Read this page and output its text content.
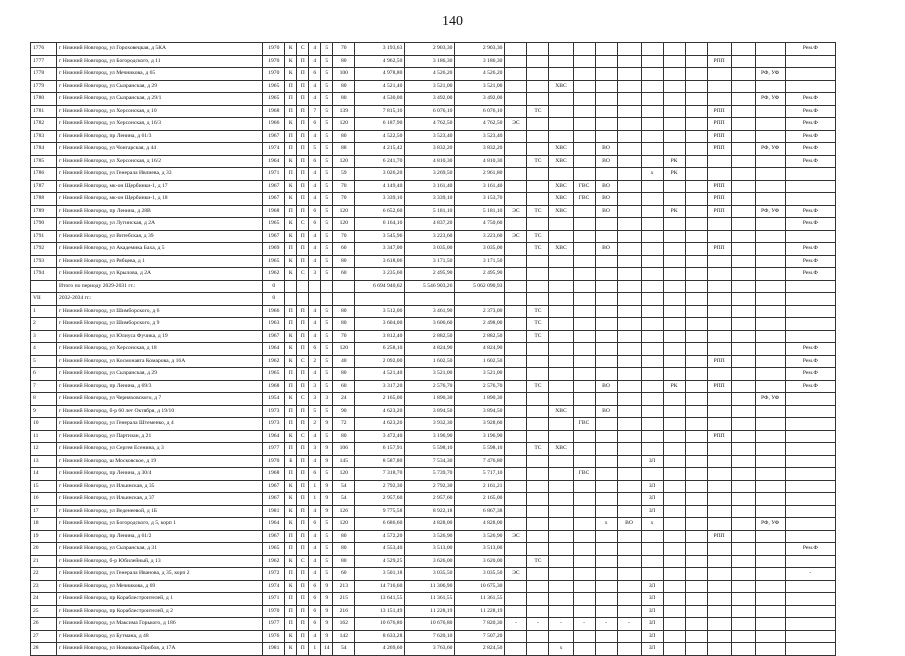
140
1776	г Нижний Новгород, ул Гороховецкая, д 5КА	1970	К	С	4	5	70	3 193,63	2 903,30	2 903,30													Рем.Ф
1777	г Нижний Новгород, ул Богородского, д 11	1970	К	П	4	5	80	4 962,50	3 186,30	3 186,30										РПП			
1778	г Нижний Новгород, ул Мечникова, д 65	1970	К	П	6	5	100	4 978,80	4 526,20	4 526,20												РФ, УФ	
1779	г Нижний Новгород, ул Сызранская, д 29	1965	П	П	4	5	80	4 521,40	3 521,00	3 521,00			ХВС										
1780	г Нижний Новгород, ул Сызранская, д 29/1	1965	П	П	4	5	80	4 530,00	3 492,00	3 492,00												РФ, УФ	Рем.Ф
1781	г Нижний Новгород, ул Херсонская, д 10	1968	П	П	7	5	139	7 815,10	6 076,10	6 076,10		ТС								РПП			Рем.Ф
1782	г Нижний Новгород, ул Херсонская, д 16/3	1966	К	П	6	5	120	6 187,90	4 762,50	4 762,50	ЭС									РПП			Рем.Ф
1783	г Нижний Новгород, пр Ленина, д 61/3	1967	П	П	4	5	80	4 522,50	3 523,40	3 523,40										РПП			Рем.Ф
1784	г Нижний Новгород, ул Чонгарская, д 44	1974	П	П	5	5	88	4 215,42	3 832,20	3 832,20			ХВС		ВО					РПП		РФ, УФ	Рем.Ф
1785	г Нижний Новгород, ул Херсонская, д 16/2	1964	К	П	6	5	120	6 241,70	4 810,30	4 810,30		ТС	ХВС		ВО			РК					Рем.Ф
1786	г Нижний Новгород, ул Генерала Ивлиева, д 33	1971	П	П	4	5	59	3 026,20	3 269,50	2 961,80							х	РК					
1787	г Нижний Новгород, мк-он Щербинки-1, д 17	1967	К	П	4	5	70	4 149,40	3 161,40	3 161,40			ХВС	ГВС	ВО					РПП			
1788	г Нижний Новгород, мк-он Щербинки-1, д 18	1967	К	П	4	5	70	3 339,10	3 339,10	3 153,70			ХВС	ГВС	ВО					РПП			
1789	г Нижний Новгород, пр Ленина, д 28В	1968	П	П	6	5	120	6 652,60	5 181,10	5 181,10	ЭС	ТС	ХВС		ВО			РК		РПП		РФ, УФ	Рем.Ф
1790	г Нижний Новгород, ул Лугинская, д 2А	1965	К	С	6	5	120	6 164,10	4 837,20	4 750,60													Рем.Ф
1791	г Нижний Новгород, ул Витебская, д 39	1967	К	П	4	5	70	3 545,96	3 223,60	3 223,60	ЭС	ТС											
1792	г Нижний Новгород, ул Академика Баха, д 5	1969	П	П	4	5	60	3 347,00	3 035,00	3 035,00		ТС	ХВС		ВО					РПП			Рем.Ф
1793	г Нижний Новгород, ул Рябцева, д 1	1965	К	П	4	5	80	3 618,06	3 171,50	3 171,50													Рем.Ф
1794	г Нижний Новгород, ул Крылова, д 2А	1962	К	С	3	5	60	3 235,60	2 495,90	2 495,90													Рем.Ф
	Итого по периоду 2029-2031 гг.:	0						6 694 940,62	5 546 903,26	5 062 090,93													
VII	2032-2034 гг.:	0																					
1	г Нижний Новгород, ул Шимборского, д 6	1966	П	П	4	5	80	3 512,00	3 461,90	2 373,00		ТС											
2	г Нижний Новгород, ул Шимборского, д 9	1963	П	П	4	5	80	3 604,00	3 606,60	2 498,00		ТС											
3	г Нижний Новгород, ул Юлиуса Фучика, д 19	1967	К	П	4	5	70	3 812,40	2 882,50	2 882,50		ТС											
4	г Нижний Новгород, ул Херсонская, д 18	1964	К	П	6	5	120	6 258,10	4 824,90	4 824,90													Рем.Ф
5	г Нижний Новгород, ул Космонавта Комарова, д 16А	1962	К	С	2	5	40	2 092,00	1 602,50	1 602,50										РПП			Рем.Ф
6	г Нижний Новгород, ул Сызранская, д 29	1965	П	П	4	5	80	4 521,40	3 521,00	3 521,00													Рем.Ф
7	г Нижний Новгород, пр Ленина, д 69/3	1968	П	П	3	5	60	3 317,20	2 576,70	2 576,70		ТС			ВО			РК		РПП			Рем.Ф
8	г Нижний Новгород, ул Черняховского, д 7	1954	К	С	3	3	24	2 165,00	1 890,30	1 890,30												РФ, УФ	
9	г Нижний Новгород, б-р 60 лет Октября, д 19/10	1973	П	П	5	5	90	4 623,20	3 894,50	3 894,50			ХВС		ВО								
10	г Нижний Новгород, ул Генерала Штеменко, д 4	1973	П	П	2	9	72	4 623,20	3 932,30	3 928,60				ГВС									
11	г Нижний Новгород, ул Партизан, д 21	1964	К	С	4	5	80	3 472,40	3 196,90	3 196,90										РПП			
12	г Нижний Новгород, ул Сергея Есенина, д 3	1977	П	П	3	9	106	6 157,91	5 598,10	5 598,10		ТС	ХВС										
13	г Нижний Новгород, ш Московское, д 19	1970	Б	П	4	9	145	8 587,80	7 534,30	7 476,80							ЗЛ						
14	г Нижний Новгород, пр Ленина, д 30/4	1968	П	П	6	5	120	7 318,70	5 739,70	5 717,10				ГВС									
15	г Нижний Новгород, ул Ильинская, д 35	1967	К	П	1	9	54	2 792,30	2 792,30	2 161,21							ЗЛ						
16	г Нижний Новгород, ул Ильинская, д 37	1967	К	П	1	9	54	2 957,60	2 957,60	2 165,00							ЗЛ						
17	г Нижний Новгород, ул Веденеевой, д 1Б	1981	К	П	4	9	126	9 775,58	8 922,18	6 867,38							ЗЛ						
18	г Нижний Новгород, ул Богородского, д 5, корп 1	1964	К	П	6	5	120	6 686,60	4 828,00	4 828,00					х	ВО	х					РФ, УФ	
19	г Нижний Новгород, пр Ленина, д 61/2	1967	П	П	4	5	80	4 572,20	3 526,90	3 526,90	ЭС									РПП			
20	г Нижний Новгород, ул Сызранская, д 31	1965	П	П	4	5	80	4 553,40	3 513,00	3 513,00													Рем.Ф
21	г Нижний Новгород, б-р Юбилейный, д 13	1962	К	С	4	5	80	4 529,25	3 626,00	3 620,00		ТС											
22	г Нижний Новгород, ул Генерала Иванова, д 35, корп 2	1972	П	П	4	5	60	3 501,18	3 035,50	3 035,50	ЭС												-
23	г Нижний Новгород, ул Мечникова, д 69	1974	К	П	6	9	213	14 716,60	11 306,90	10 675,30							ЗЛ						
24	г Нижний Новгород, пр Кораблестроителей, д 1	1971	П	П	6	9	215	13 641,55	11 361,55	11 361,55							ЗЛ						
25	г Нижний Новгород, пр Кораблестроителей, д 2	1970	П	П	6	9	216	13 151,49	11 228,19	11 228,19							ЗЛ						
26	г Нижний Новгород, ул Максима Горького, д 186	1977	П	П	6	9	162	10 676,80	10 676,80	7 820,30	-	-	-	-	-	-	ЗЛ						
27	г Нижний Новгород, ул Бутмана, д 48	1976	К	П	4	9	142	8 633,28	7 620,10	7 507,20							ЗЛ						
28	г Нижний Новгород, ул Новикова-Прибоя, д 17А	1981	К	П	1	14	54	4 269,60	3 763,60	2 824,50			х				ЗЛ						
